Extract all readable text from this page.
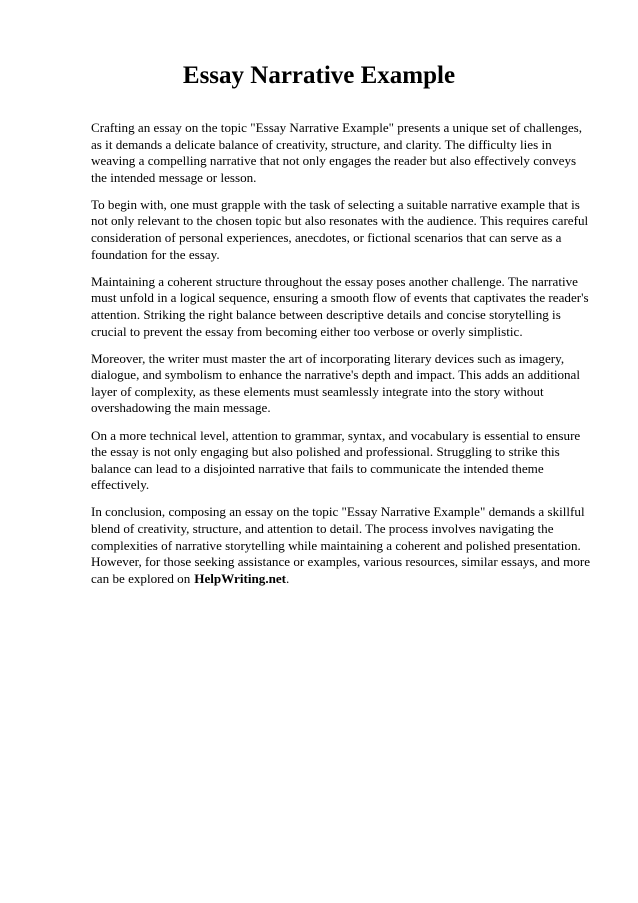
Essay Narrative Example

Crafting an essay on the topic "Essay Narrative Example" presents a unique set of challenges, as it demands a delicate balance of creativity, structure, and clarity. The difficulty lies in weaving a compelling narrative that not only engages the reader but also effectively conveys the intended message or lesson.

To begin with, one must grapple with the task of selecting a suitable narrative example that is not only relevant to the chosen topic but also resonates with the audience. This requires careful consideration of personal experiences, anecdotes, or fictional scenarios that can serve as a foundation for the essay.

Maintaining a coherent structure throughout the essay poses another challenge. The narrative must unfold in a logical sequence, ensuring a smooth flow of events that captivates the reader's attention. Striking the right balance between descriptive details and concise storytelling is crucial to prevent the essay from becoming either too verbose or overly simplistic.

Moreover, the writer must master the art of incorporating literary devices such as imagery, dialogue, and symbolism to enhance the narrative's depth and impact. This adds an additional layer of complexity, as these elements must seamlessly integrate into the story without overshadowing the main message.

On a more technical level, attention to grammar, syntax, and vocabulary is essential to ensure the essay is not only engaging but also polished and professional. Struggling to strike this balance can lead to a disjointed narrative that fails to communicate the intended theme effectively.

In conclusion, composing an essay on the topic "Essay Narrative Example" demands a skillful blend of creativity, structure, and attention to detail. The process involves navigating the complexities of narrative storytelling while maintaining a coherent and polished presentation. However, for those seeking assistance or examples, various resources, similar essays, and more can be explored on HelpWriting.net.
